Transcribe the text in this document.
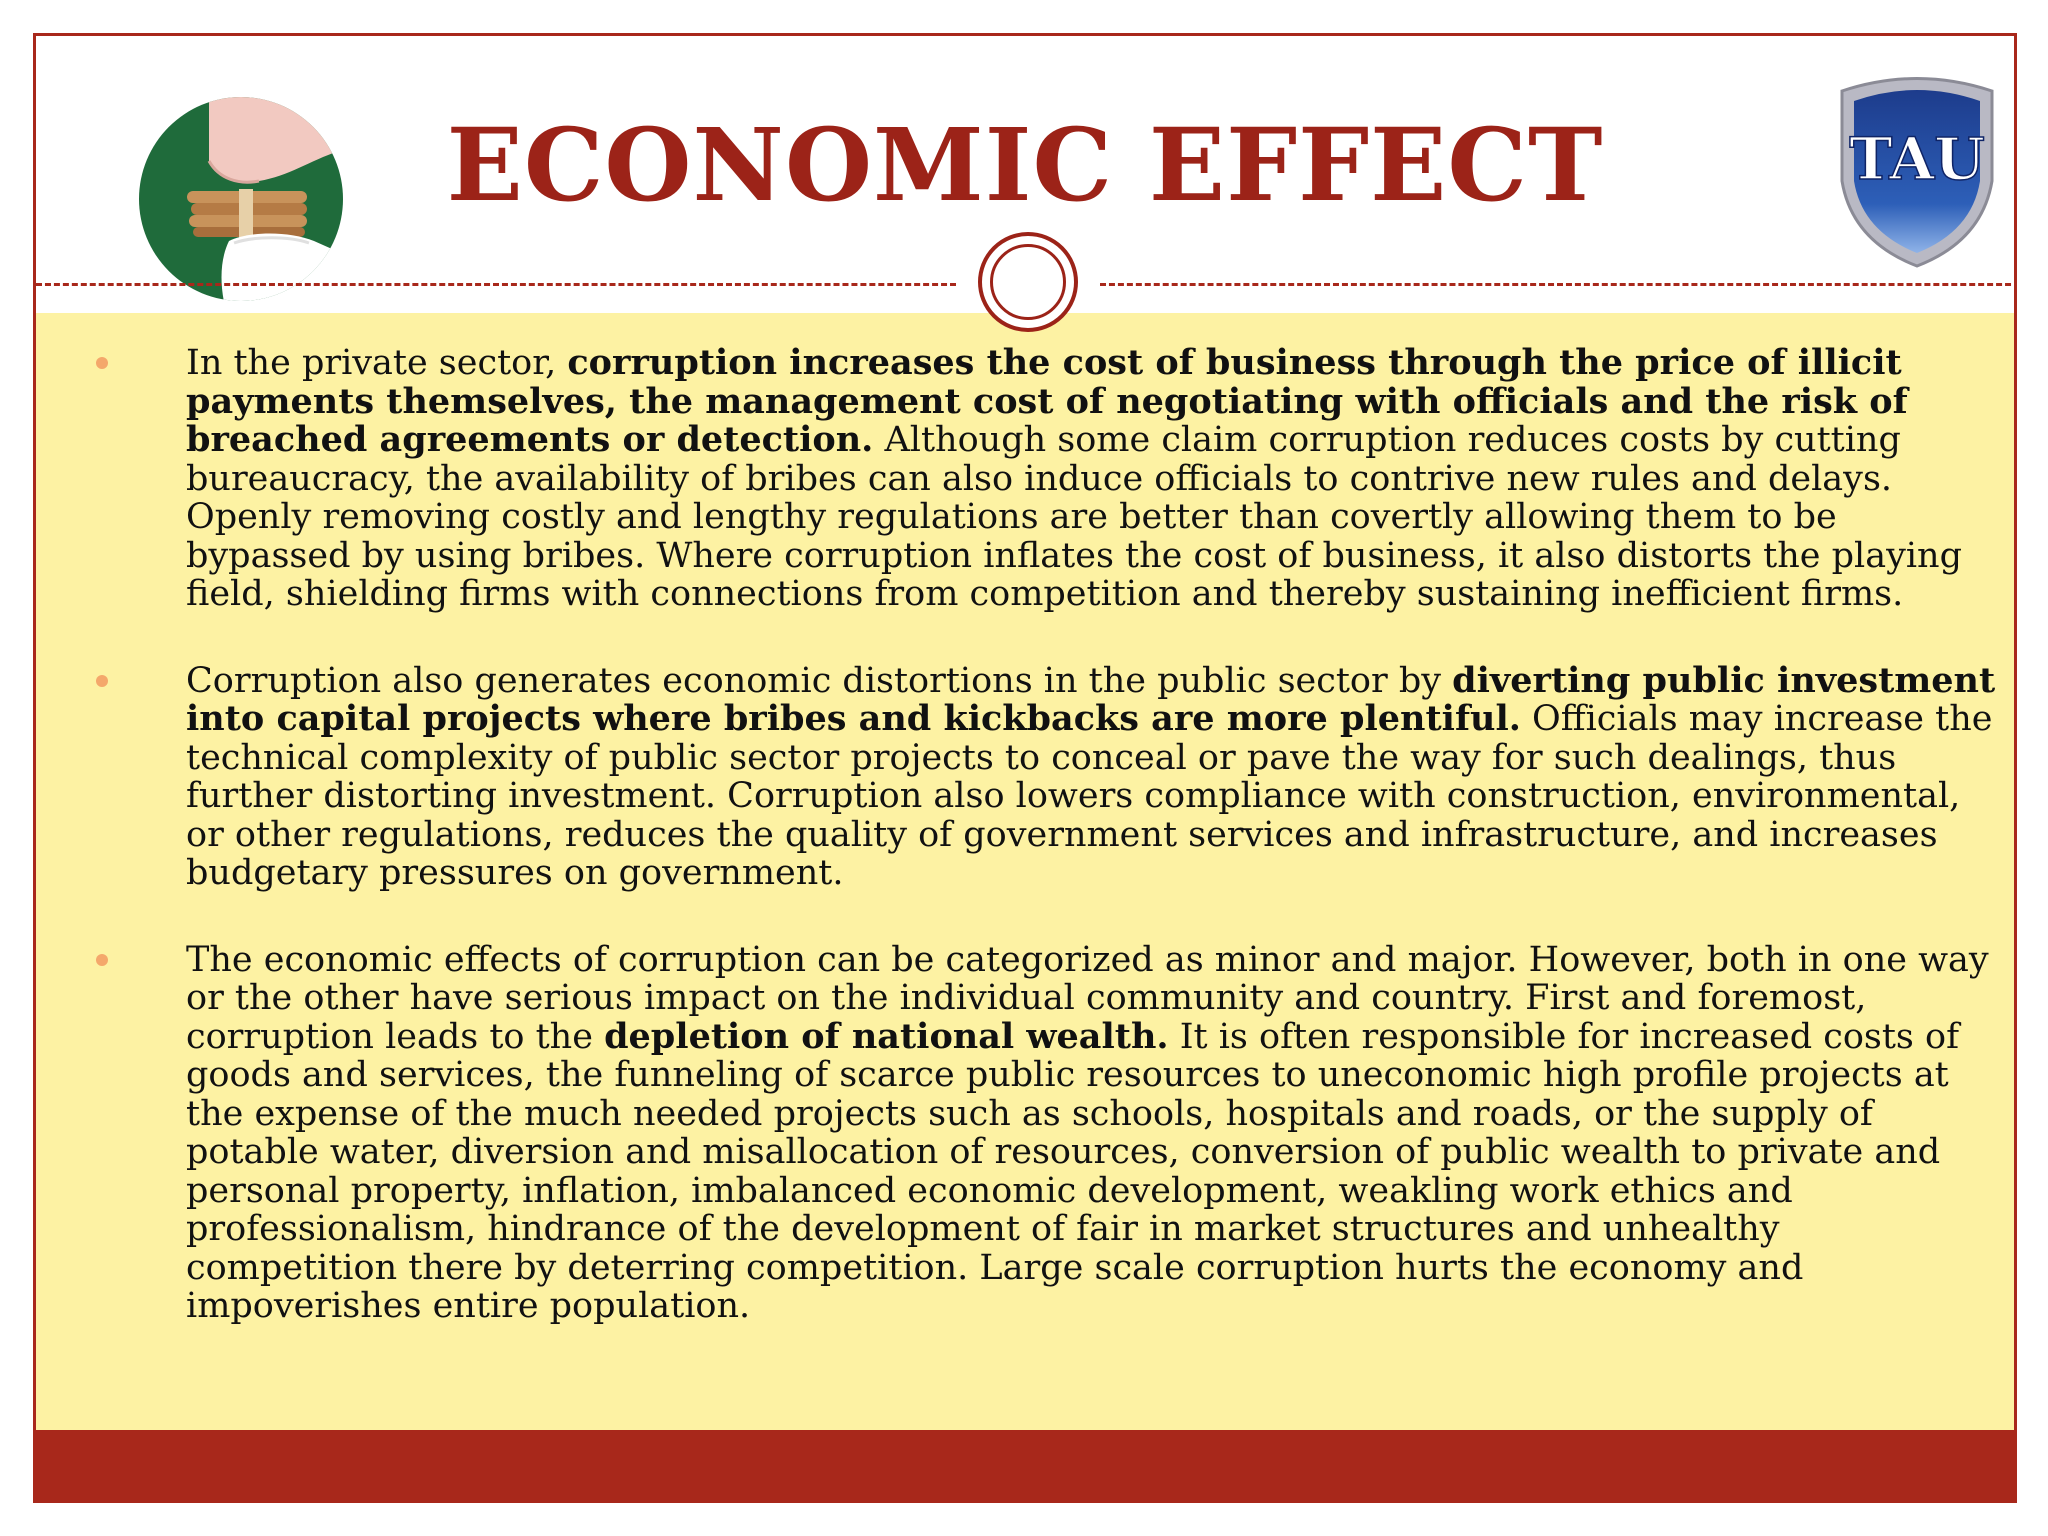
ECONOMIC EFFECT	TAU
In the private sector, corruption increases the cost of business through the price of illicit payments themselves, the management cost of negotiating with officials and the risk of breached agreements or detection. Although some claim corruption reduces costs by cutting bureaucracy, the availability of bribes can also induce officials to contrive new rules and delays. Openly removing costly and lengthy regulations are better than covertly allowing them to be bypassed by using bribes. Where corruption inflates the cost of business, it also distorts the playing field, shielding firms with connections from competition and thereby sustaining inefficient firms.
Corruption also generates economic distortions in the public sector by diverting public investment into capital projects where bribes and kickbacks are more plentiful. Officials may increase the technical complexity of public sector projects to conceal or pave the way for such dealings, thus further distorting investment. Corruption also lowers compliance with construction, environmental, or other regulations, reduces the quality of government services and infrastructure, and increases budgetary pressures on government.
The economic effects of corruption can be categorized as minor and major. However, both in one way or the other have serious impact on the individual community and country. First and foremost, corruption leads to the depletion of national wealth. It is often responsible for increased costs of goods and services, the funneling of scarce public resources to uneconomic high profile projects at the expense of the much needed projects such as schools, hospitals and roads, or the supply of potable water, diversion and misallocation of resources, conversion of public wealth to private and personal property, inflation, imbalanced economic development, weakling work ethics and professionalism, hindrance of the development of fair in market structures and unhealthy competition there by deterring competition. Large scale corruption hurts the economy and impoverishes entire population.
